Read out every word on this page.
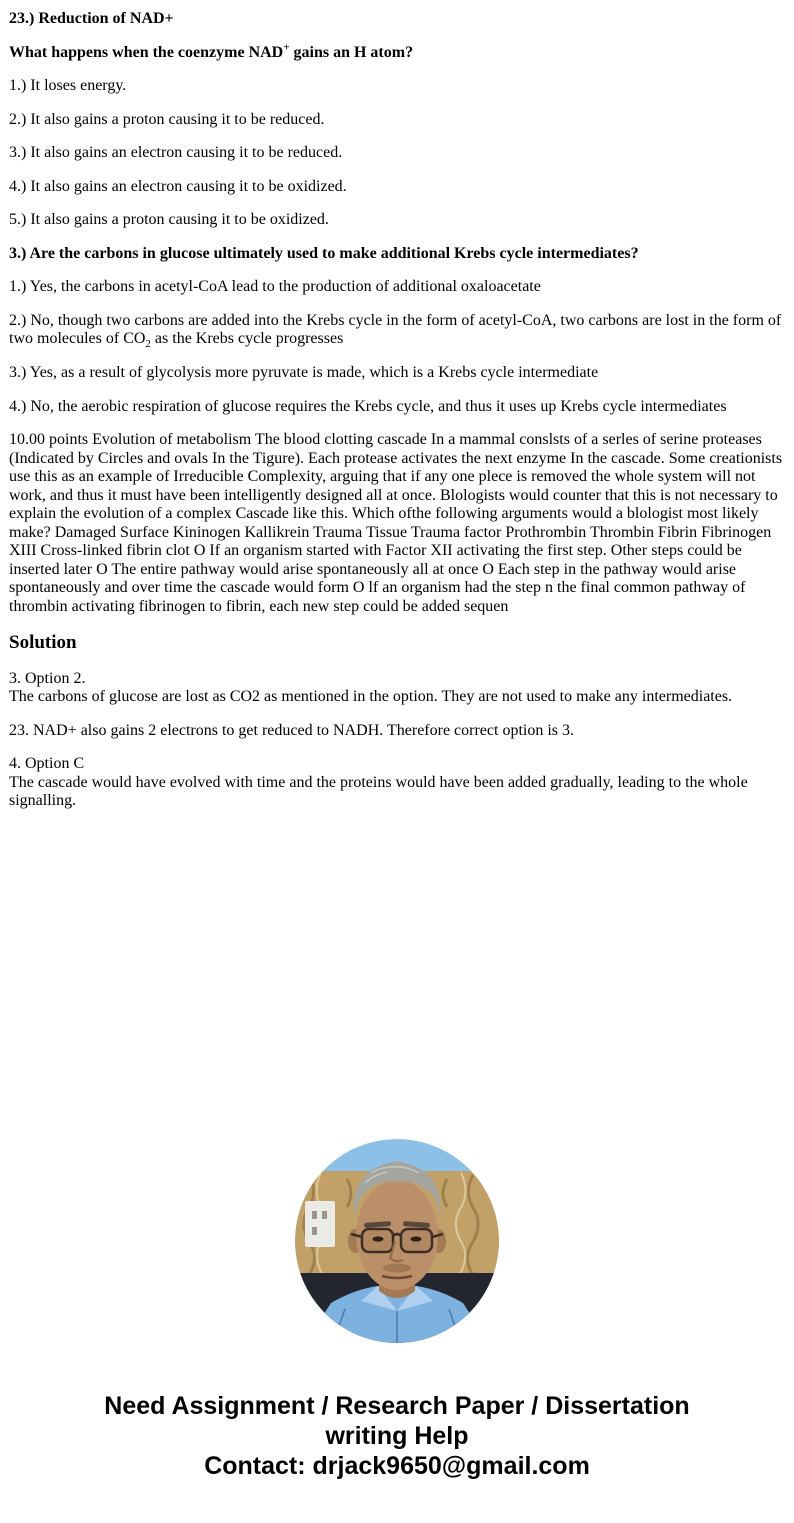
23.) Reduction of NAD+

What happens when the coenzyme NAD+ gains an H atom?

1.) It loses energy.

2.) It also gains a proton causing it to be reduced.

3.) It also gains an electron causing it to be reduced.

4.) It also gains an electron causing it to be oxidized.

5.) It also gains a proton causing it to be oxidized.

3.) Are the carbons in glucose ultimately used to make additional Krebs cycle intermediates?

1.) Yes, the carbons in acetyl-CoA lead to the production of additional oxaloacetate

2.) No, though two carbons are added into the Krebs cycle in the form of acetyl-CoA, two carbons are lost in the form of two molecules of $CO_2$ as the Krebs cycle progresses

3.) Yes, as a result of glycolysis more pyruvate is made, which is a Krebs cycle intermediate

4.) No, the aerobic respiration of glucose requires the Krebs cycle, and thus it uses up Krebs cycle intermediates

10.00 points Evolution of metabolism The blood clotting cascade In a mammal conslsts of a serles of serine proteases (Indicated by Circles and ovals In the Tigure). Each protease activates the next enzyme In the cascade. Some creationists use this as an example of Irreducible Complexity, arguing that if any one plece is removed the whole system will not work, and thus it must have been intelligently designed all at once. Blologists would counter that this is not necessary to explain the evolution of a complex Cascade like this. Which ofthe following arguments would a blologist most likely make? Damaged Surface Kininogen Kallikrein Trauma Tissue Trauma factor Prothrombin Thrombin Fibrin Fibrinogen XIII Cross-linked fibrin clot O If an organism started with Factor XII activating the first step. Other steps could be inserted later O The entire pathway would arise spontaneously all at once O Each step in the pathway would arise spontaneously and over time the cascade would form O lf an organism had the step n the final common pathway of thrombin activating fibrinogen to fibrin, each new step could be added sequen

Solution

3. Option 2.
The carbons of glucose are lost as CO2 as mentioned in the option. They are not used to make any intermediates.

23. NAD+ also gains 2 electrons to get reduced to NADH. Therefore correct option is 3.

4. Option C
The cascade would have evolved with time and the proteins would have been added gradually, leading to the whole signalling.

Need Assignment / Research Paper / Dissertation
writing Help
Contact: drjack9650@gmail.com
